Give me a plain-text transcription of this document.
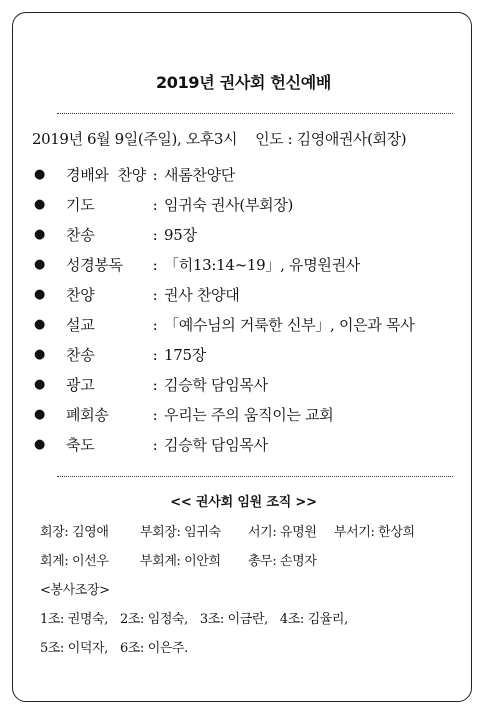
2019년 권사회 헌신예배
2019년 6월 9일(주일), 오후3시 인도 : 김영애권사(회장)
● 경배와 찬양 : 새롬찬양단
● 기도	: 임귀숙 권사(부회장)
● 찬송	: 95장
● 성경봉독 : 「히13:14~19」, 유명원권사
● 찬양	: 권사 찬양대
● 설교	: 「예수님의 거룩한 신부」, 이은과 목사
● 찬송	: 175장
● 광고	: 김승학 담임목사
● 폐회송	: 우리는 주의 움직이는 교회
● 축도	: 김승학 담임목사
<< 권사회 임원 조직 >>
회장: 김영애 부회장: 임귀숙 서기: 유명원 부서기: 한상희
회계: 이선우 부회계: 이안희 총무: 손명자
<봉사조장>
1조: 권명숙, 2조: 임정숙, 3조: 이금란, 4조: 김율리,
5조: 이덕자, 6조: 이은주.
